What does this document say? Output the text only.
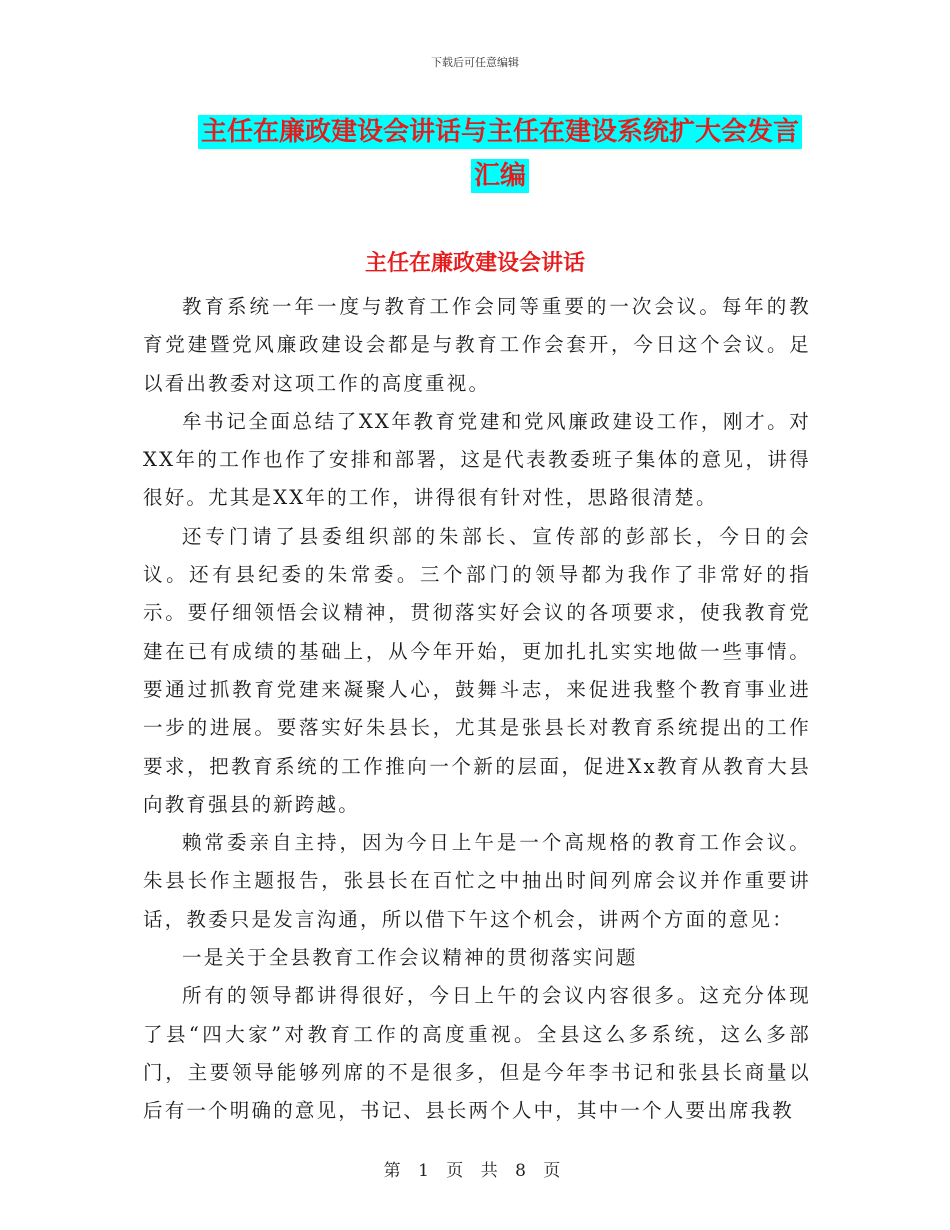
下载后可任意编辑
主任在廉政建设会讲话与主任在建设系统扩大会发言
汇编
主任在廉政建设会讲话

教育系统一年一度与教育工作会同等重要的一次会议。每年的教育党建暨党风廉政建设会都是与教育工作会套开，今日这个会议。足以看出教委对这项工作的高度重视。

牟书记全面总结了XX年教育党建和党风廉政建设工作，刚才。对XX年的工作也作了安排和部署，这是代表教委班子集体的意见，讲得很好。尤其是XX年的工作，讲得很有针对性，思路很清楚。

还专门请了县委组织部的朱部长、宣传部的彭部长，今日的会议。还有县纪委的朱常委。三个部门的领导都为我作了非常好的指示。要仔细领悟会议精神，贯彻落实好会议的各项要求，使我教育党建在已有成绩的基础上，从今年开始，更加扎扎实实地做一些事情。要通过抓教育党建来凝聚人心，鼓舞斗志，来促进我整个教育事业进一步的进展。要落实好朱县长，尤其是张县长对教育系统提出的工作要求，把教育系统的工作推向一个新的层面，促进Xx教育从教育大县向教育强县的新跨越。

赖常委亲自主持，因为今日上午是一个高规格的教育工作会议。朱县长作主题报告，张县长在百忙之中抽出时间列席会议并作重要讲话，教委只是发言沟通，所以借下午这个机会，讲两个方面的意见：

一是关于全县教育工作会议精神的贯彻落实问题

所有的领导都讲得很好，今日上午的会议内容很多。这充分体现了县“四大家”对教育工作的高度重视。全县这么多系统，这么多部门，主要领导能够列席的不是很多，但是今年李书记和张县长商量以后有一个明确的意见，书记、县长两个人中，其中一个人要出席我教

第 1 页 共 8 页
